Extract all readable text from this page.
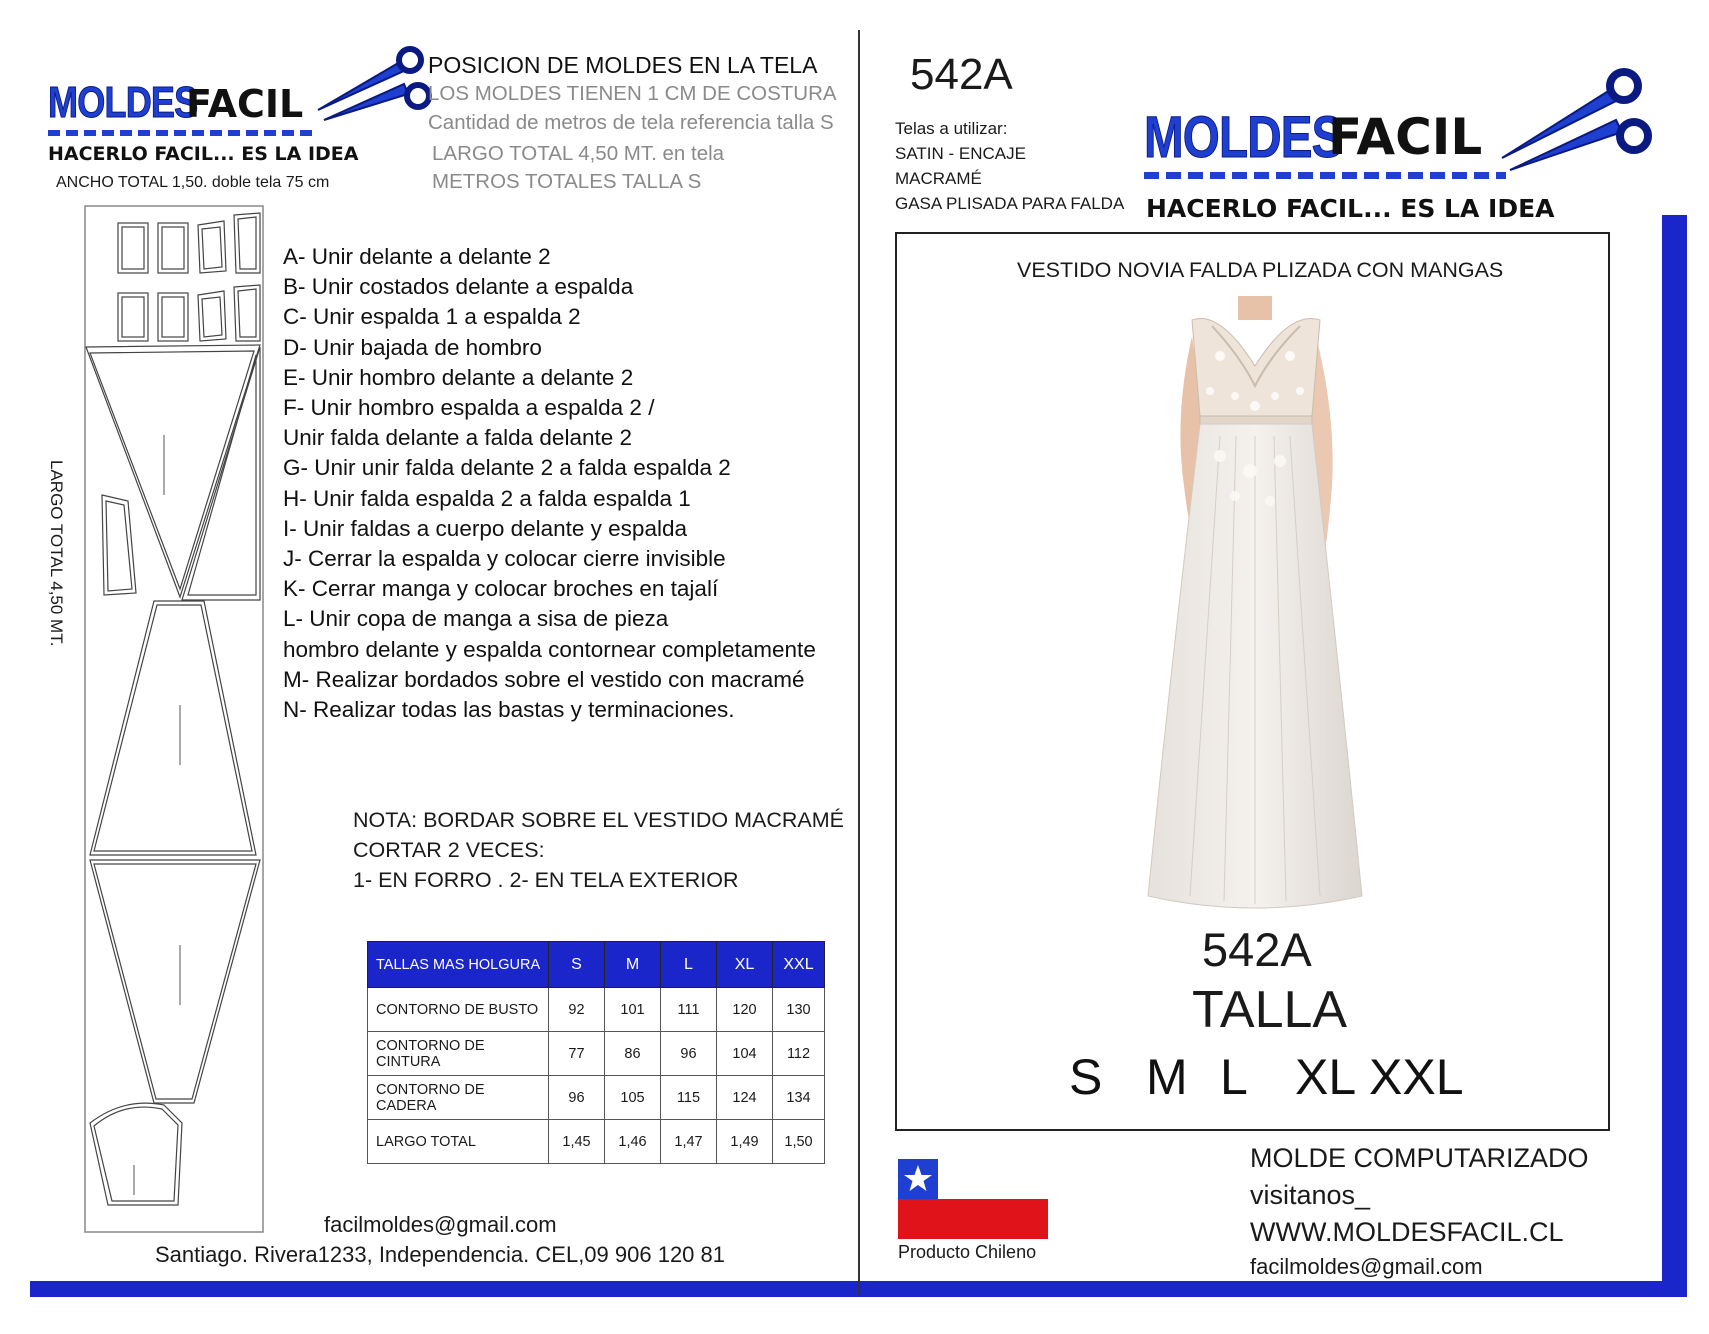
MOLDES
FACIL
HACERLO FACIL... ES LA IDEA
ANCHO TOTAL 1,50. doble tela 75 cm
POSICION DE MOLDES EN LA TELA
LOS MOLDES TIENEN 1 CM DE COSTURA
Cantidad de metros de tela referencia talla S
LARGO TOTAL 4,50 MT. en tela
METROS TOTALES TALLA S
LARGO TOTAL 4,50 MT.
A- Unir delante a delante 2
B- Unir costados delante a espalda
C- Unir espalda 1 a espalda 2
D- Unir bajada de hombro
E- Unir hombro delante a delante 2
F- Unir hombro espalda a espalda 2 /
Unir falda delante a falda delante 2
G- Unir unir falda delante 2 a falda espalda 2
H- Unir falda espalda 2 a falda espalda 1
I- Unir faldas a cuerpo delante y espalda
J- Cerrar la espalda y colocar cierre invisible
K- Cerrar manga y colocar broches en tajalí
L- Unir copa de manga a sisa de pieza
hombro delante y espalda contornear completamente
M- Realizar bordados sobre el vestido con macramé
N- Realizar todas las bastas y terminaciones.
NOTA: BORDAR SOBRE EL VESTIDO MACRAMÉ
CORTAR 2 VECES:
1- EN FORRO . 2- EN TELA EXTERIOR
TALLAS MAS HOLGURA	S	M	L	XL	XXL
CONTORNO DE BUSTO	92	101	111	120	130
CONTORNO DE CINTURA	77	86	96	104	112
CONTORNO DE CADERA	96	105	115	124	134
LARGO TOTAL	1,45	1,46	1,47	1,49	1,50
facilmoldes@gmail.com
Santiago. Rivera1233, Independencia. CEL,09 906 120 81
542A
Telas a utilizar:
SATIN - ENCAJE
MACRAMÉ
GASA PLISADA PARA FALDA
MOLDES
FACIL
HACERLO FACIL... ES LA IDEA
VESTIDO NOVIA FALDA PLIZADA CON MANGAS
542A
TALLA
S M L XL XXL
Producto Chileno
MOLDE COMPUTARIZADO
visitanos_
WWW.MOLDESFACIL.CL
facilmoldes@gmail.com
